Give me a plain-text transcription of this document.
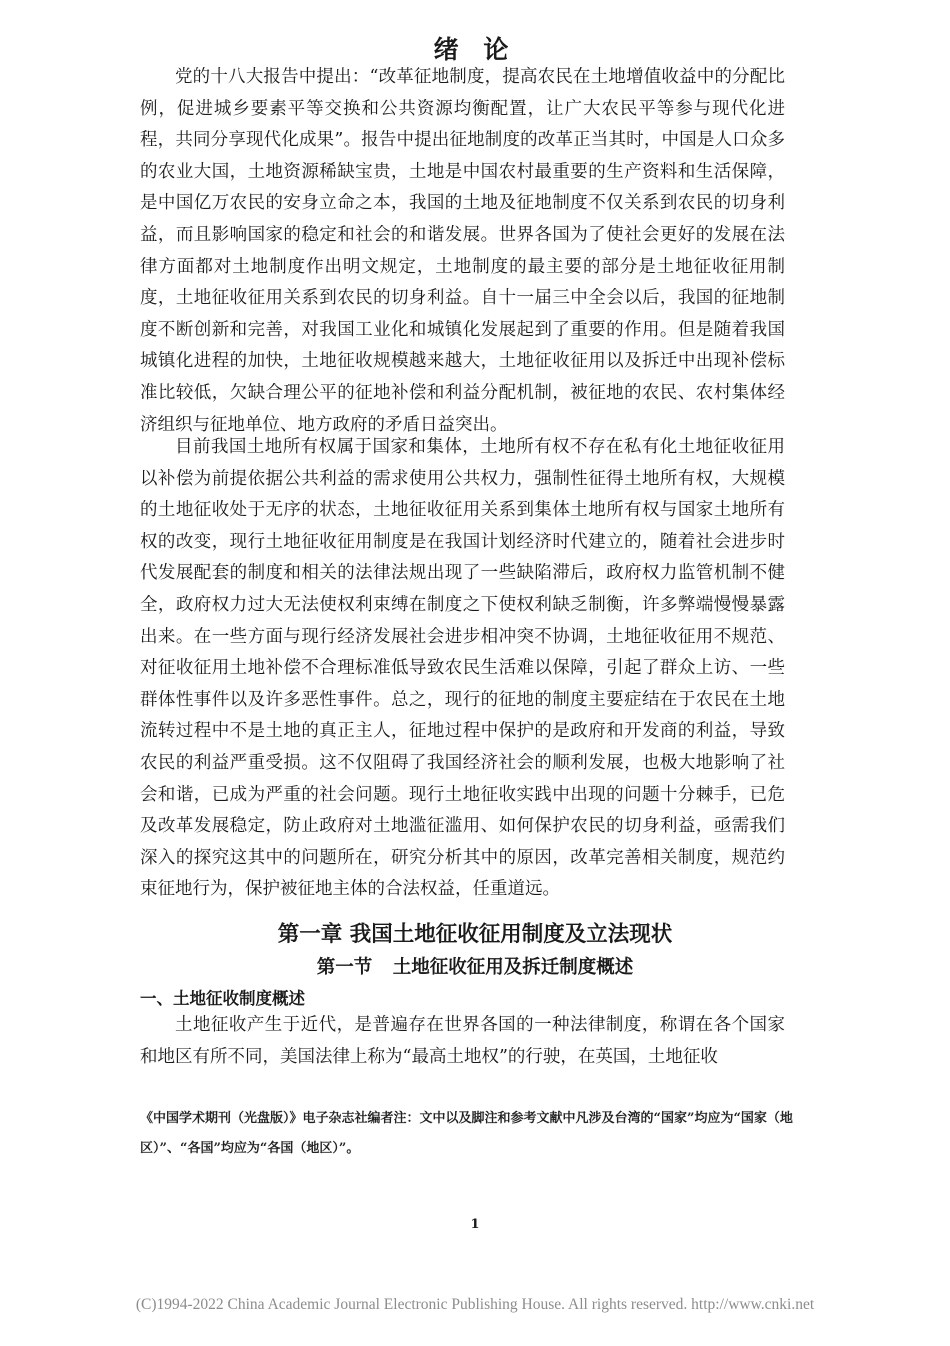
绪 论

党的十八大报告中提出：“改革征地制度，提高农民在土地增值收益中的分配比例，促进城乡要素平等交换和公共资源均衡配置，让广大农民平等参与现代化进程，共同分享现代化成果”。报告中提出征地制度的改革正当其时，中国是人口众多的农业大国，土地资源稀缺宝贵，土地是中国农村最重要的生产资料和生活保障，是中国亿万农民的安身立命之本，我国的土地及征地制度不仅关系到农民的切身利益，而且影响国家的稳定和社会的和谐发展。世界各国为了使社会更好的发展在法律方面都对土地制度作出明文规定，土地制度的最主要的部分是土地征收征用制度，土地征收征用关系到农民的切身利益。自十一届三中全会以后，我国的征地制度不断创新和完善，对我国工业化和城镇化发展起到了重要的作用。但是随着我国城镇化进程的加快，土地征收规模越来越大，土地征收征用以及拆迁中出现补偿标准比较低，欠缺合理公平的征地补偿和利益分配机制，被征地的农民、农村集体经济组织与征地单位、地方政府的矛盾日益突出。

目前我国土地所有权属于国家和集体，土地所有权不存在私有化土地征收征用以补偿为前提依据公共利益的需求使用公共权力，强制性征得土地所有权，大规模的土地征收处于无序的状态，土地征收征用关系到集体土地所有权与国家土地所有权的改变，现行土地征收征用制度是在我国计划经济时代建立的，随着社会进步时代发展配套的制度和相关的法律法规出现了一些缺陷滞后，政府权力监管机制不健全，政府权力过大无法使权利束缚在制度之下使权利缺乏制衡，许多弊端慢慢暴露出来。在一些方面与现行经济发展社会进步相冲突不协调，土地征收征用不规范、对征收征用土地补偿不合理标准低导致农民生活难以保障，引起了群众上访、一些群体性事件以及许多恶性事件。总之，现行的征地的制度主要症结在于农民在土地流转过程中不是土地的真正主人，征地过程中保护的是政府和开发商的利益，导致农民的利益严重受损。这不仅阻碍了我国经济社会的顺利发展，也极大地影响了社会和谐，已成为严重的社会问题。现行土地征收实践中出现的问题十分棘手，已危及改革发展稳定，防止政府对土地滥征滥用、如何保护农民的切身利益，亟需我们深入的探究这其中的问题所在，研究分析其中的原因，改革完善相关制度，规范约束征地行为，保护被征地主体的合法权益，任重道远。

第一章 我国土地征收征用制度及立法现状
第一节 土地征收征用及拆迁制度概述
一、土地征收制度概述

土地征收产生于近代，是普遍存在世界各国的一种法律制度，称谓在各个国家和地区有所不同，美国法律上称为“最高土地权”的行驶，在英国，土地征收

《中国学术期刊（光盘版）》电子杂志社编者注：文中以及脚注和参考文献中凡涉及台湾的“国家”均应为“国家（地区）”、“各国”均应为“各国（地区）”。

1

(C)1994-2022 China Academic Journal Electronic Publishing House. All rights reserved. http://www.cnki.net
